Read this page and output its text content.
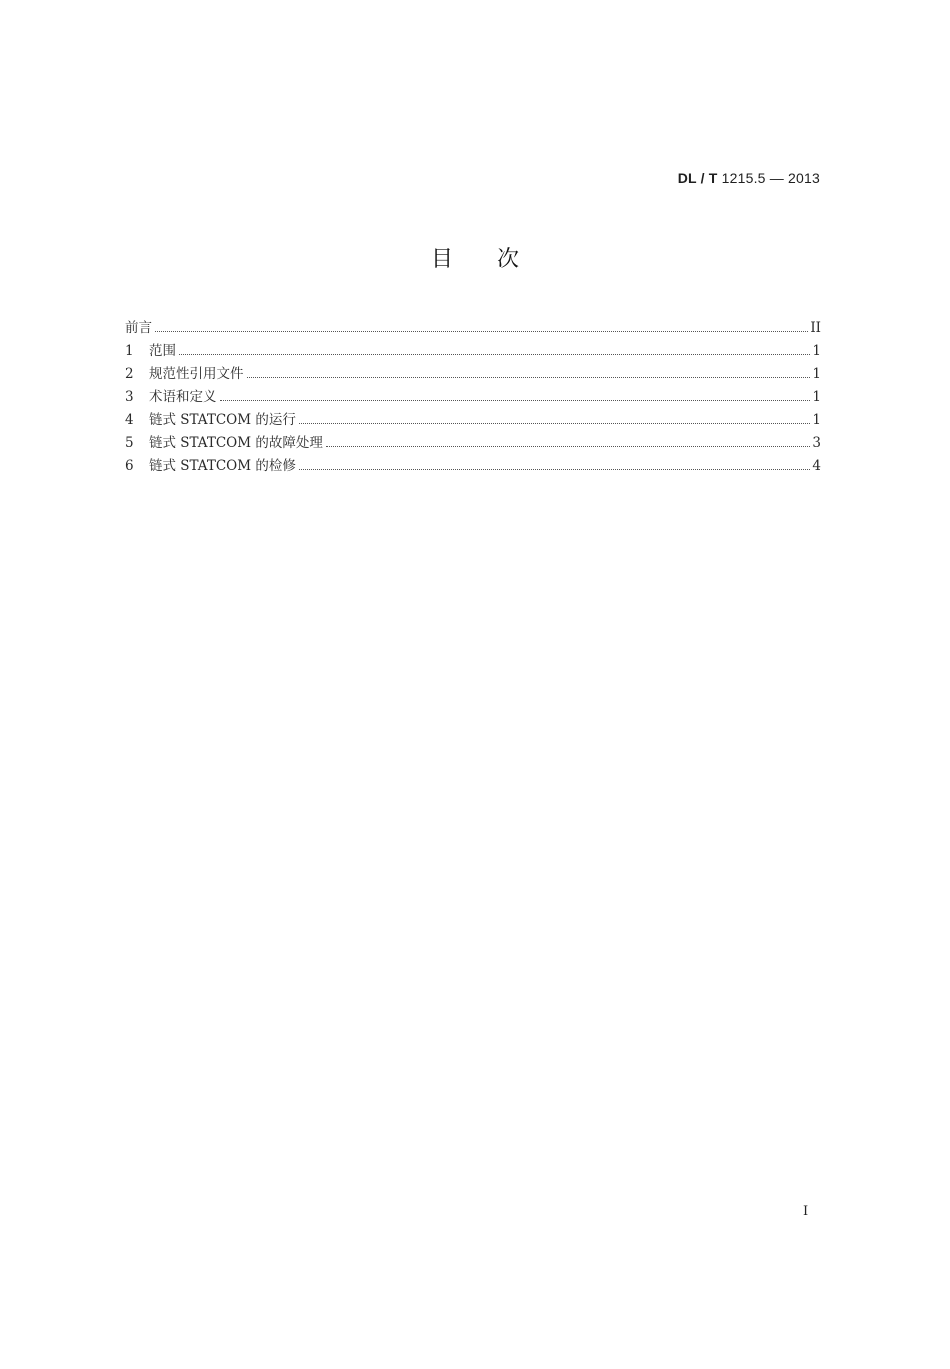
DL / T 1215.5 — 2013
目 次
前言	II
1	范围	1
2	规范性引用文件	1
3	术语和定义	1
4	链式 STATCOM 的运行	1
5	链式 STATCOM 的故障处理	3
6	链式 STATCOM 的检修	4
I
